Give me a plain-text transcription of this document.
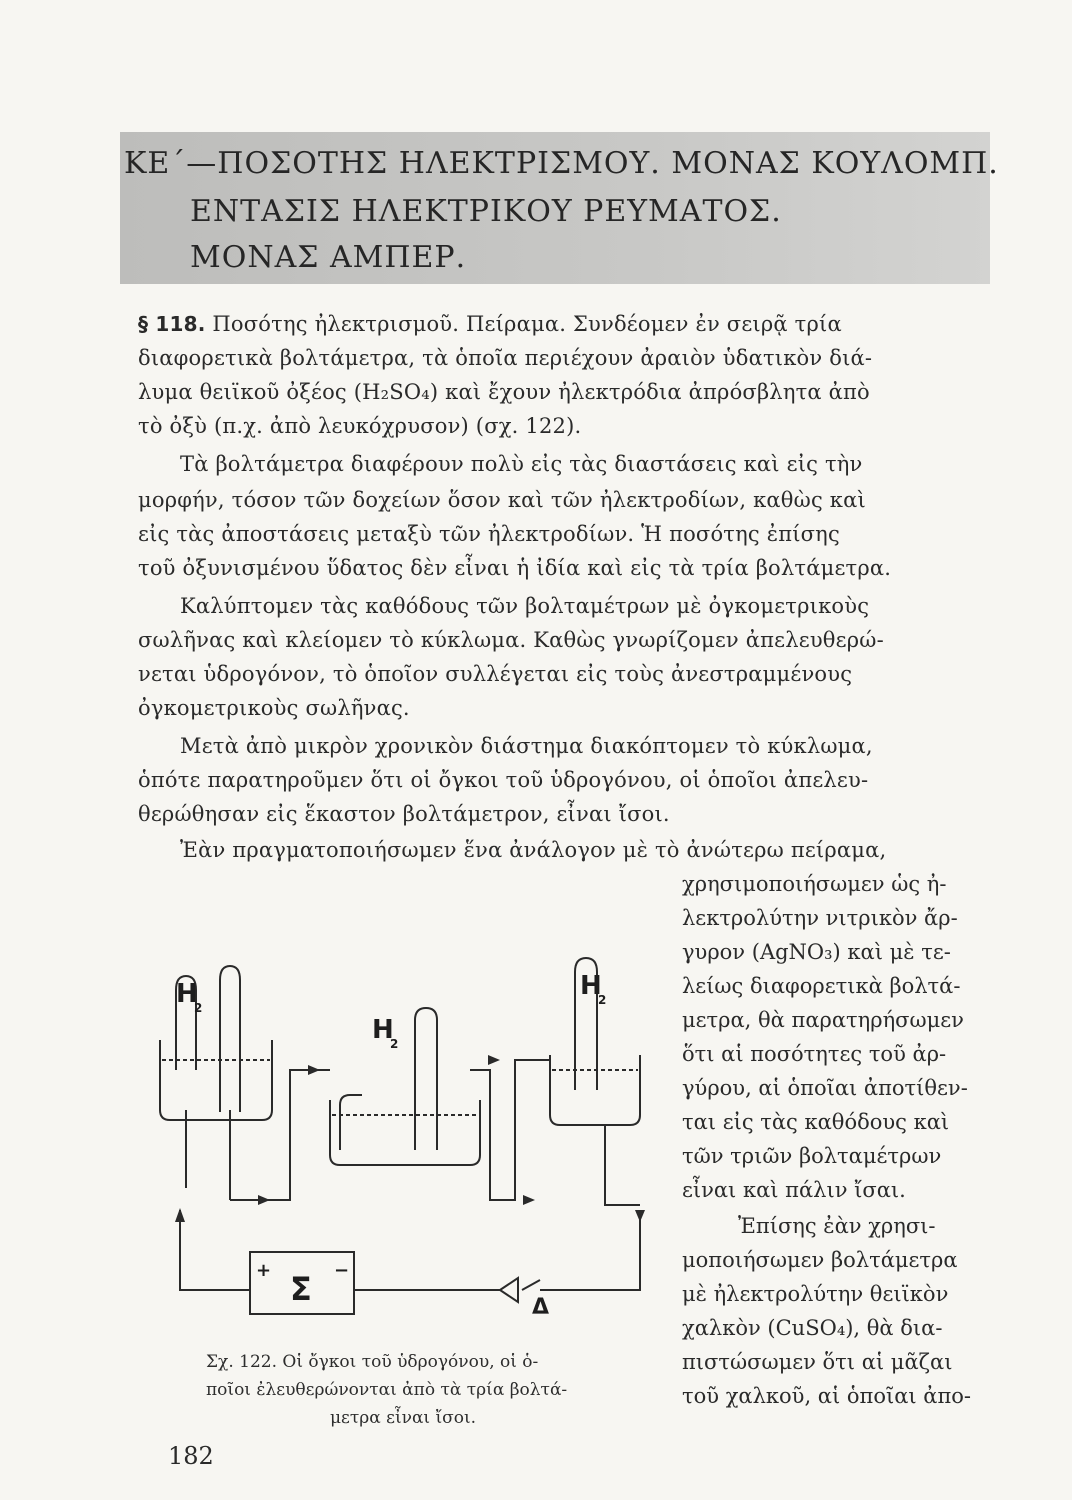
ΚΕ΄—ΠΟΣΟΤΗΣ ΗΛΕΚΤΡΙΣΜΟΥ. ΜΟΝΑΣ ΚΟΥΛΟΜΠ.
ΕΝΤΑΣΙΣ ΗΛΕΚΤΡΙΚΟΥ ΡΕΥΜΑΤΟΣ.
ΜΟΝΑΣ ΑΜΠΕΡ.
§ 118. Ποσότης ἠλεκτρισμοῦ. Πείραμα. Συνδέομεν ἐν σειρᾷ τρία
διαφορετικὰ βολτάμετρα, τὰ ὁποῖα περιέχουν ἀραιὸν ὑδατικὸν διά-
λυμα θειϊκοῦ ὀξέος (H₂SO₄) καὶ ἔχουν ἠλεκτρόδια ἀπρόσβλητα ἀπὸ
τὸ ὀξὺ (π.χ. ἀπὸ λευκόχρυσον) (σχ. 122).
Τὰ βολτάμετρα διαφέρουν πολὺ εἰς τὰς διαστάσεις καὶ εἰς τὴν
μορφήν, τόσον τῶν δοχείων ὅσον καὶ τῶν ἠλεκτροδίων, καθὼς καὶ
εἰς τὰς ἀποστάσεις μεταξὺ τῶν ἠλεκτροδίων. Ἡ ποσότης ἐπίσης
τοῦ ὀξυνισμένου ὕδατος δὲν εἶναι ἡ ἰδία καὶ εἰς τὰ τρία βολτάμετρα.
Καλύπτομεν τὰς καθόδους τῶν βολταμέτρων μὲ ὀγκομετρικοὺς
σωλῆνας καὶ κλείομεν τὸ κύκλωμα. Καθὼς γνωρίζομεν ἀπελευθερώ-
νεται ὑδρογόνον, τὸ ὁποῖον συλλέγεται εἰς τοὺς ἀνεστραμμένους
ὀγκομετρικοὺς σωλῆνας.
Μετὰ ἀπὸ μικρὸν χρονικὸν διάστημα διακόπτομεν τὸ κύκλωμα,
ὁπότε παρατηροῦμεν ὅτι οἱ ὄγκοι τοῦ ὑδρογόνου, οἱ ὁποῖοι ἀπελευ-
θερώθησαν εἰς ἕκαστον βολτάμετρον, εἶναι ἴσοι.
Ἐὰν πραγματοποιήσωμεν ἕνα ἀνάλογον μὲ τὸ ἀνώτερω πείραμα,
χρησιμοποιήσωμεν ὡς ἠ-
λεκτρολύτην νιτρικὸν ἄρ-
γυρον (AgNO₃) καὶ μὲ τε-
λείως διαφορετικὰ βολτά-
μετρα, θὰ παρατηρήσωμεν
ὅτι αἱ ποσότητες τοῦ ἀρ-
γύρου, αἱ ὁποῖαι ἀποτίθεν-
ται εἰς τὰς καθόδους καὶ
τῶν τριῶν βολταμέτρων
εἶναι καὶ πάλιν ἴσαι.
Ἐπίσης ἐὰν χρησι-
μοποιήσωμεν βολτάμετρα
μὲ ἠλεκτρολύτην θειϊκὸν
χαλκὸν (CuSO₄), θὰ δια-
πιστώσωμεν ὅτι αἱ μᾶζαι
τοῦ χαλκοῦ, αἱ ὁποῖαι ἀπο-
H
2
H
2
H
2
+	−
Σ	Δ
Σχ. 122. Οἱ ὄγκοι τοῦ ὑδρογόνου, οἱ ὁ-
ποῖοι ἐλευθερώνονται ἀπὸ τὰ τρία βολτά-
μετρα εἶναι ἴσοι.
182
